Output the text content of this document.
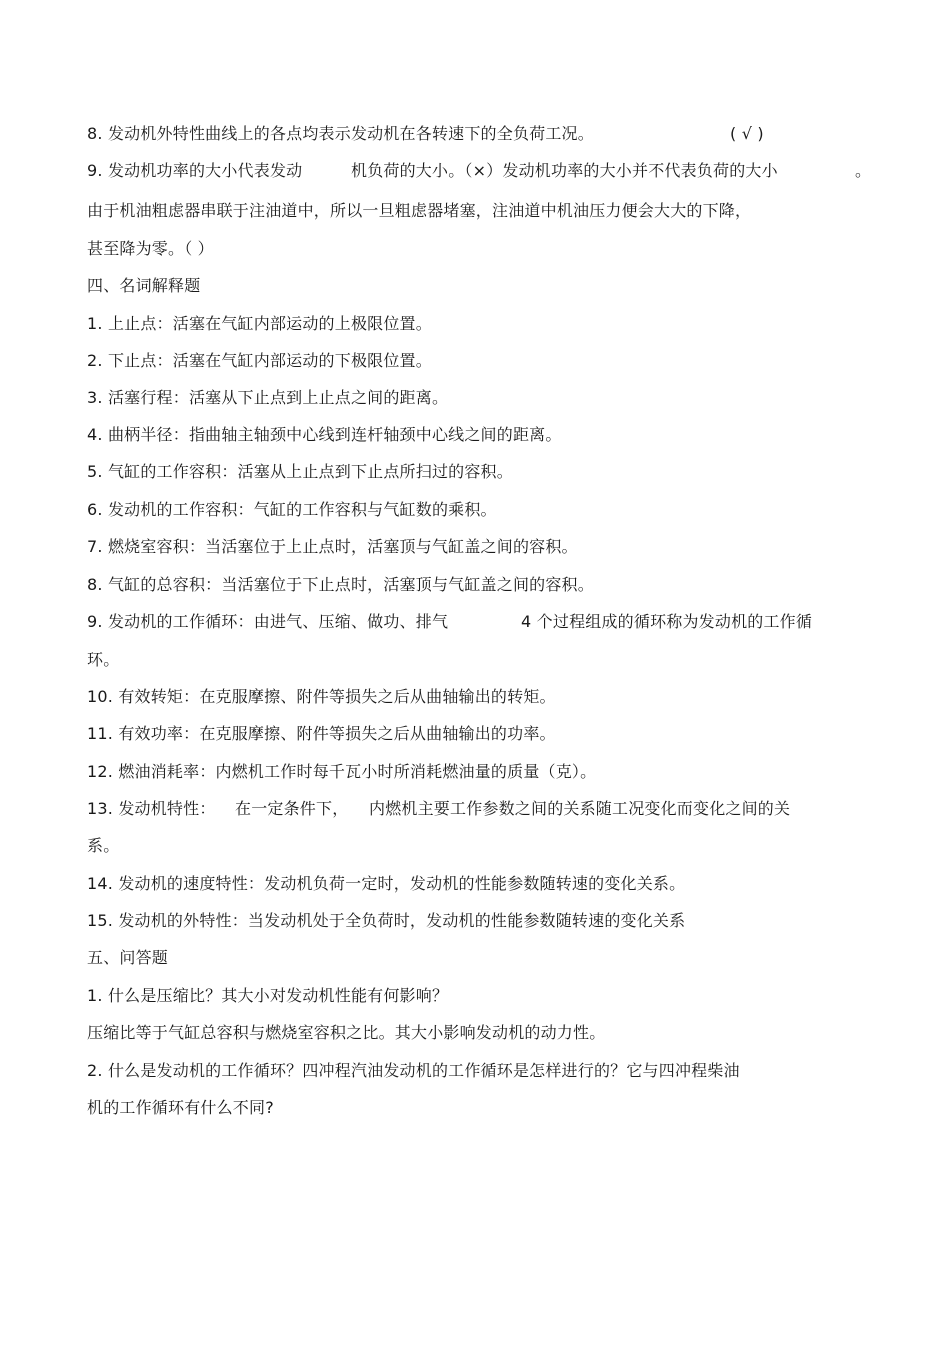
8. 发动机外特性曲线上的各点均表示发动机在各转速下的全负荷工况。	( √ )
9. 发动机功率的大小代表发动	机负荷的大小。（×）发动机功率的大小并不代表负荷的大小	。
由于机油粗虑器串联于注油道中，所以一旦粗虑器堵塞，注油道中机油压力便会大大的下降，
甚至降为零。（ ）
四、名词解释题
1. 上止点：活塞在气缸内部运动的上极限位置。
2. 下止点：活塞在气缸内部运动的下极限位置。
3. 活塞行程：活塞从下止点到上止点之间的距离。
4. 曲柄半径：指曲轴主轴颈中心线到连杆轴颈中心线之间的距离。
5. 气缸的工作容积：活塞从上止点到下止点所扫过的容积。
6. 发动机的工作容积：气缸的工作容积与气缸数的乘积。
7. 燃烧室容积：当活塞位于上止点时，活塞顶与气缸盖之间的容积。
8. 气缸的总容积：当活塞位于下止点时，活塞顶与气缸盖之间的容积。
9. 发动机的工作循环：由进气、压缩、做功、排气	4 个过程组成的循环称为发动机的工作循
环。
10. 有效转矩：在克服摩擦、附件等损失之后从曲轴输出的转矩。
11. 有效功率：在克服摩擦、附件等损失之后从曲轴输出的功率。
12. 燃油消耗率：内燃机工作时每千瓦小时所消耗燃油量的质量（克）。
13. 发动机特性： 在一定条件下， 内燃机主要工作参数之间的关系随工况变化而变化之间的关
系。
14. 发动机的速度特性：发动机负荷一定时，发动机的性能参数随转速的变化关系。
15. 发动机的外特性：当发动机处于全负荷时，发动机的性能参数随转速的变化关系
五、问答题
1. 什么是压缩比？其大小对发动机性能有何影响？
压缩比等于气缸总容积与燃烧室容积之比。其大小影响发动机的动力性。
2. 什么是发动机的工作循环？四冲程汽油发动机的工作循环是怎样进行的？它与四冲程柴油
机的工作循环有什么不同?
